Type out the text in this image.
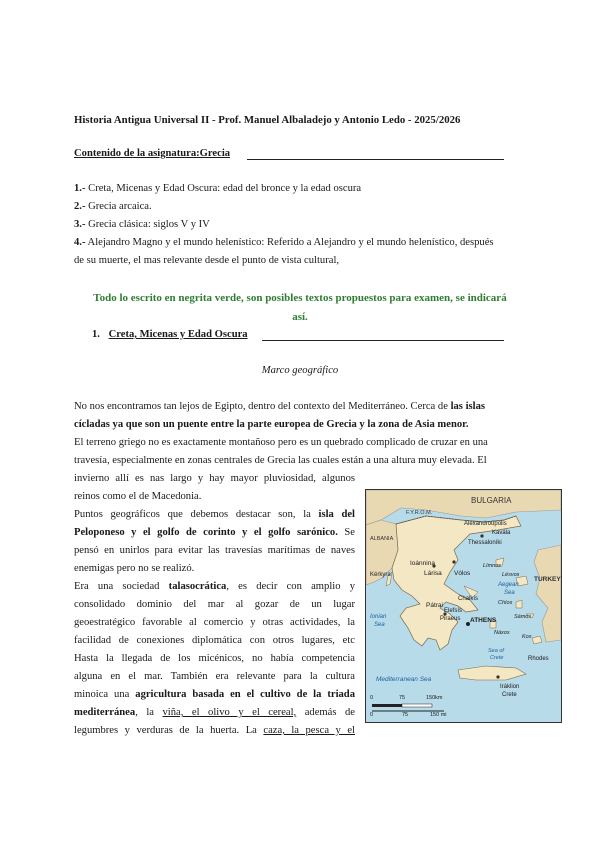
Historia Antigua Universal II - Prof. Manuel Albaladejo y Antonio Ledo - 2025/2026
Contenido de la asignatura:Grecia
1.- Creta, Micenas y Edad Oscura: edad del bronce y la edad oscura
2.- Grecia arcaica.
3.- Grecia clásica: siglos V y IV
4.- Alejandro Magno y el mundo helenístico: Referido a Alejandro y el mundo helenístico, después
de su muerte, el mas relevante desde el punto de vista cultural,
Todo lo escrito en negrita verde, son posibles textos propuestos para examen, se indicará
así.
1. Creta, Micenas y Edad Oscura
Marco geográfico
No nos encontramos tan lejos de Egipto, dentro del contexto del Mediterráneo. Cerca de las islas
cícladas ya que son un puente entre la parte europea de Grecia y la zona de Asia menor.
El terreno griego no es exactamente montañoso pero es un quebrado complicado de cruzar en una
travesía, especialmente en zonas centrales de Grecia las cuales están a una altura muy elevada. El
invierno allí es nas largo y hay mayor pluviosidad, algunos
reinos como el de Macedonia.
Puntos geográficos que debemos destacar son, la isla del
Peloponeso y el golfo de corinto y el golfo sarónico. Se
pensó en unirlos para evitar las travesías marítimas de naves
enemigas pero no se realizó.
Era una sociedad talasocrática, es decir con amplio y
consolidado dominio del mar al gozar de un lugar
geoestratégico favorable al comercio y otras actividades, la
facilidad de conexiones diplomática con otros lugares, etc
Hasta la llegada de los micénicos, no había competencia
alguna en el mar. También era relevante para la cultura
minoica una agricultura basada en el cultivo de la triada
mediterránea, la viña, el olivo y el cereal, además de
legumbres y verduras de la huerta. La caza, la pesca y el
BULGARIA
F.Y.R.O.M.
ALBANIA
TURKEY
Alexandroúpolis
Kavála
Thessaloníki
Ioánnina
Lárisa Vólos
Kérkyra
Límnos
Lésvos
Aegean
Sea
Chalkís
Chíos
Pátrai
Elefsís
Piraeus ATHENS
Ionian
Sea
Sámos
Náxos
Kos
Rhodes
Sea of
Crete
Mediterranean Sea
Iráklion
Crete
0	75	150km
0	75	150 mi
